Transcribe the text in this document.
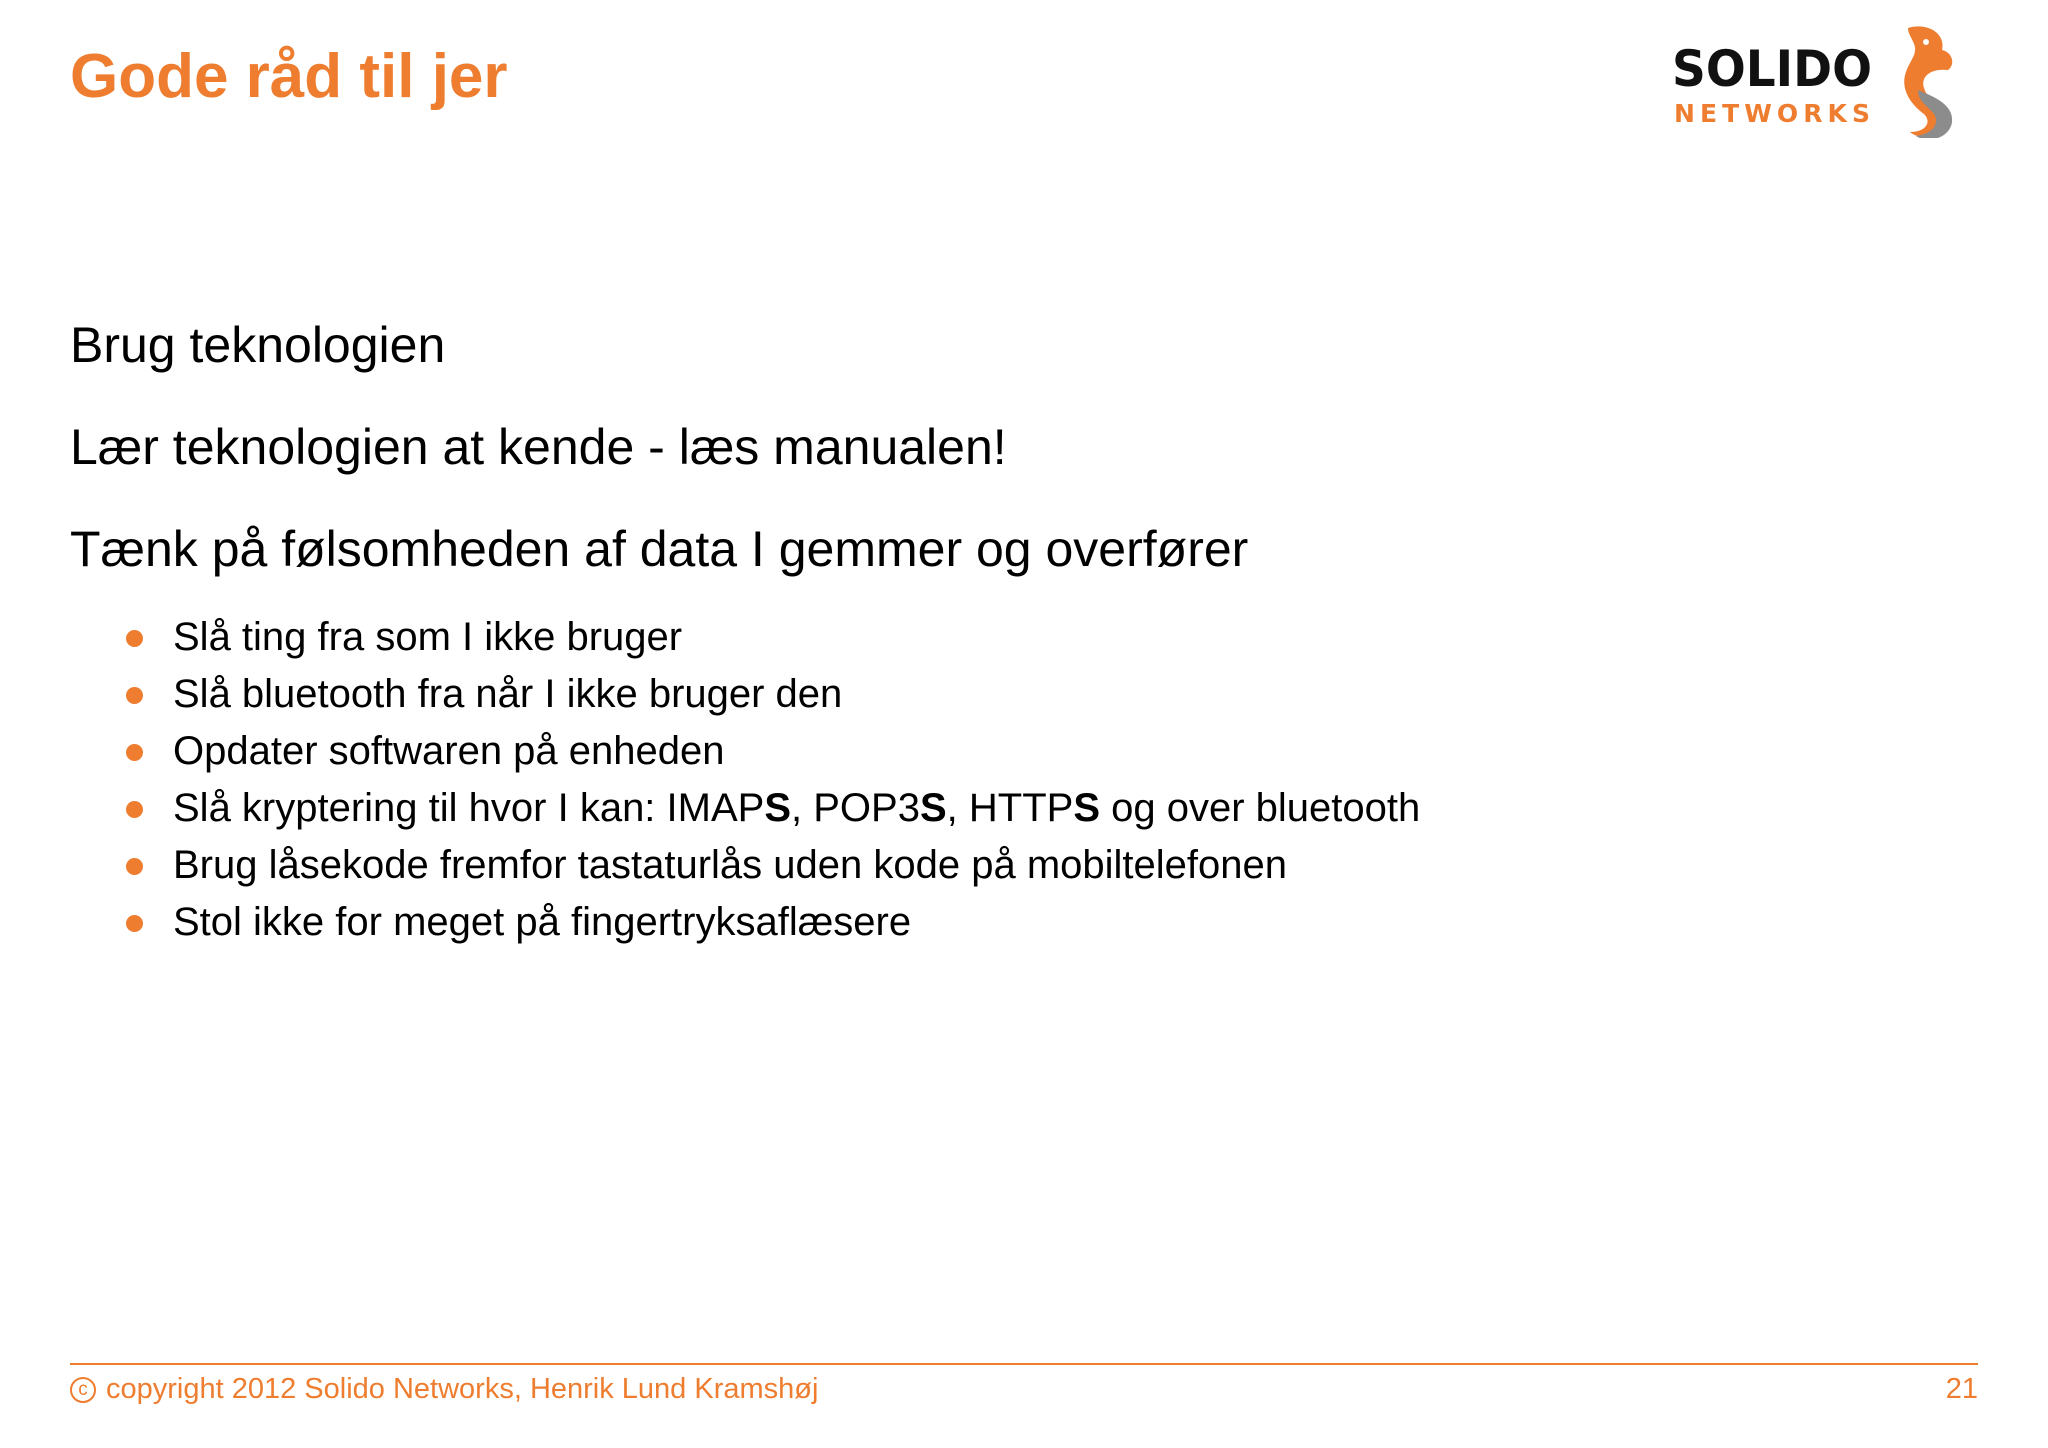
Gode råd til jer	SOLIDO
NETWORKS

Brug teknologien

Lær teknologien at kende - læs manualen!

Tænk på følsomheden af data I gemmer og overfører

Slå ting fra som I ikke bruger
Slå bluetooth fra når I ikke bruger den
Opdater softwaren på enheden
Slå kryptering til hvor I kan: IMAPS, POP3S, HTTPS og over bluetooth
Brug låsekode fremfor tastaturlås uden kode på mobiltelefonen
Stol ikke for meget på fingertryksaflæsere
c copyright 2012 Solido Networks, Henrik Lund Kramshøj	21
